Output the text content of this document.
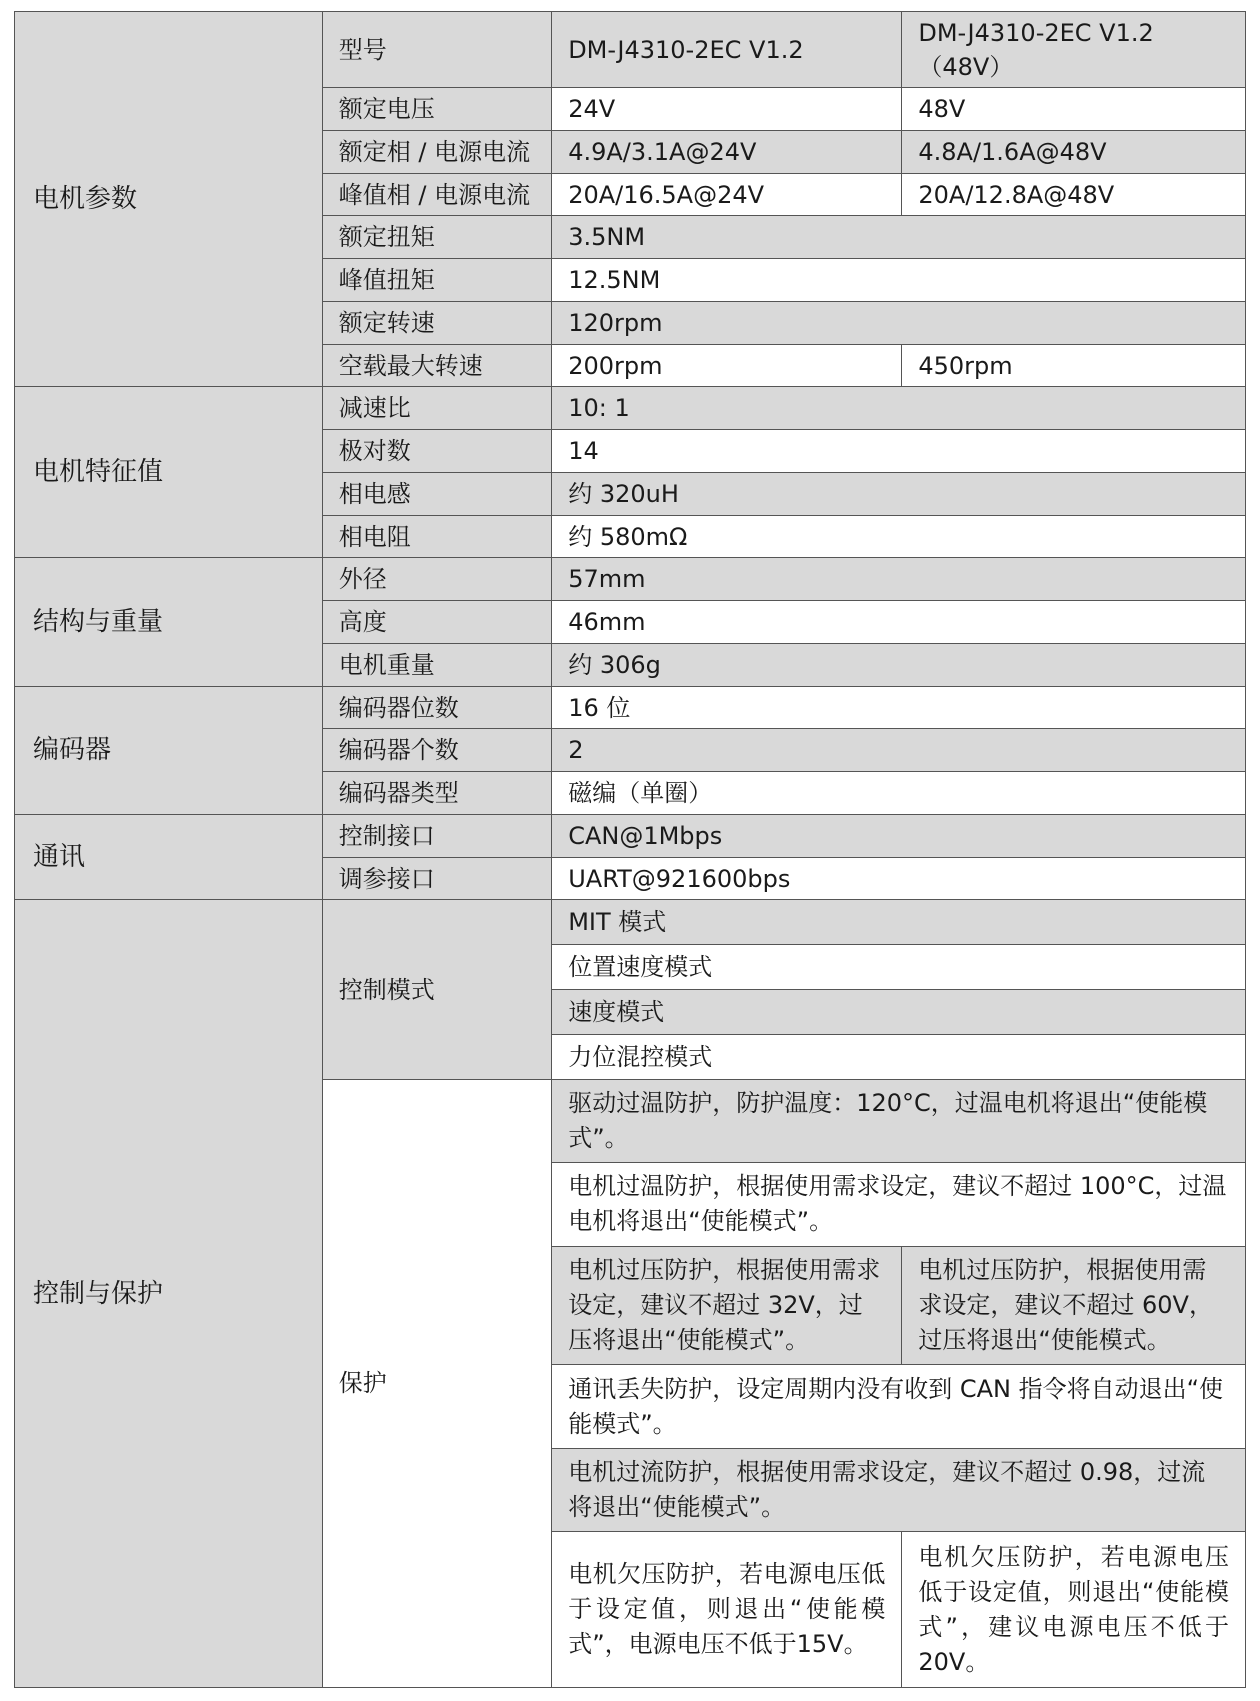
电机参数	型号	DM-J4310-2EC V1.2	DM-J4310-2EC V1.2（48V）
	额定电压	24V	48V
	额定相 / 电源电流	4.9A/3.1A@24V	4.8A/1.6A@48V
	峰值相 / 电源电流	20A/16.5A@24V	20A/12.8A@48V
	额定扭矩	3.5NM	
	峰值扭矩	12.5NM	
	额定转速	120rpm	
	空载最大转速	200rpm	450rpm
电机特征值	减速比	10: 1	
	极对数	14	
	相电感	约 320uH	
	相电阻	约 580mΩ	
结构与重量	外径	57mm	
	高度	46mm	
	电机重量	约 306g	
编码器	编码器位数	16 位	
	编码器个数	2	
	编码器类型	磁编（单圈）	
通讯	控制接口	CAN@1Mbps	
	调参接口	UART@921600bps	
控制与保护	控制模式	MIT 模式	
		位置速度模式	
		速度模式	
		力位混控模式	
	保护	驱动过温防护，防护温度：120°C，过温电机将退出“使能模式”。	
		电机过温防护，根据使用需求设定，建议不超过 100°C，过温电机将退出“使能模式”。	
		电机过压防护，根据使用需求设定，建议不超过 32V，过压将退出“使能模式”。	电机过压防护，根据使用需求设定，建议不超过 60V，过压将退出“使能模式。
		通讯丢失防护，设定周期内没有收到 CAN 指令将自动退出“使能模式”。	
		电机过流防护，根据使用需求设定，建议不超过 0.98，过流将退出“使能模式”。	
		电机欠压防护，若电源电压低于设定值，则退出“使能模式”，电源电压不低于15V。	电机欠压防护，若电源电压低于设定值，则退出“使能模式”，建议电源电压不低于 20V。
